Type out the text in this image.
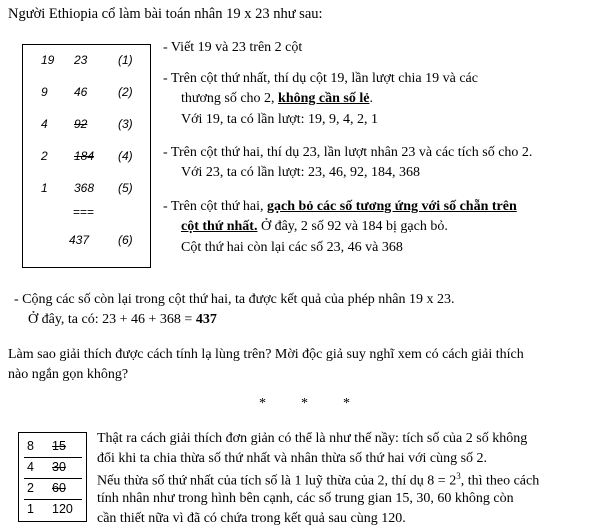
Người Ethiopia cổ làm bài toán nhân 19 x 23 như sau:
19 23	(1)
9 46	(2)
4 92	(3)
2 184	(4)
1 368	(5)
===
437 (6)
- Viết 19 và 23 trên 2 cột
- Trên cột thứ nhất, thí dụ cột 19, lần lượt chia 19 và các
thương số cho 2, không cần số lẻ.
Với 19, ta có lần lượt: 19, 9, 4, 2, 1
- Trên cột thứ hai, thí dụ 23, lần lượt nhân 23 và các tích số cho 2.
Với 23, ta có lần lượt: 23, 46, 92, 184, 368
- Trên cột thứ hai, gạch bỏ các số tương ứng với số chẵn trên
cột thứ nhất. Ở đây, 2 số 92 và 184 bị gạch bỏ.
Cột thứ hai còn lại các số 23, 46 và 368
- Cộng các số còn lại trong cột thứ hai, ta được kết quả của phép nhân 19 x 23.
Ở đây, ta có: 23 + 46 + 368 = 437
Làm sao giải thích được cách tính lạ lùng trên? Mời độc giả suy nghĩ xem có cách giải thích
nào ngắn gọn không?
*          *          *
8 15
4 30
2 60
1 120
Thật ra cách giải thích đơn giản có thể là như thế nầy: tích số của 2 số không
đổi khi ta chia thừa số thứ nhất và nhân thừa số thứ hai với cùng số 2.
Nếu thừa số thứ nhất của tích số là 1 luỹ thừa của 2, thí dụ $8 = 2^3$, thì theo cách
tính nhân như trong hình bên cạnh, các số trung gian 15, 30, 60 không còn
cần thiết nữa vì đã có chứa trong kết quả sau cùng 120.
